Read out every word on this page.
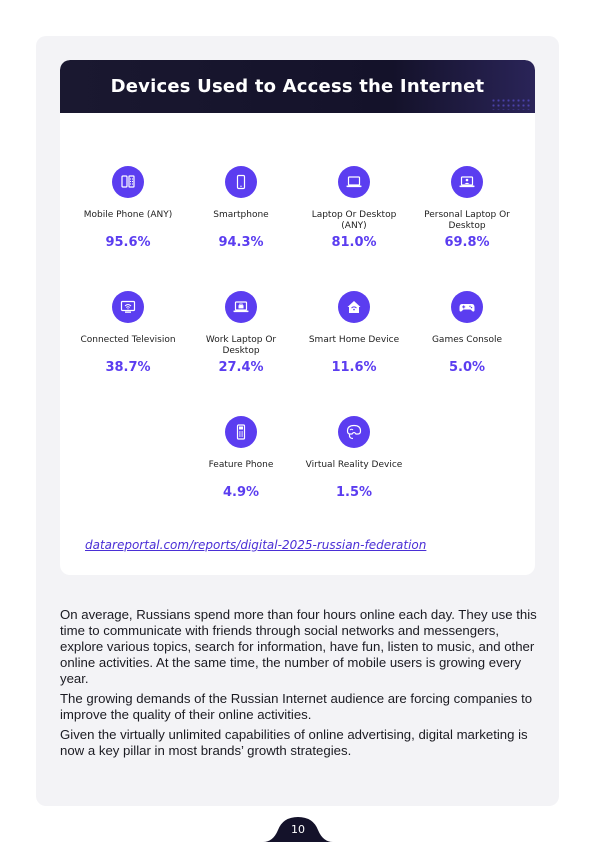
Devices Used to Access the Internet
Mobile Phone (ANY)
95.6%
Smartphone
94.3%
Laptop Or Desktop (ANY)
81.0%
Personal Laptop Or Desktop
69.8%
Connected Television
38.7%
Work Laptop Or Desktop
27.4%
Smart Home Device
11.6%
Games Console
5.0%
Feature Phone
4.9%
Virtual Reality Device
1.5%
datareportal.com/reports/digital-2025-russian-federation

On average, Russians spend more than four hours online each day. They use this time to communicate with friends through social networks and messengers, explore various topics, search for information, have fun, listen to music, and other online activities. At the same time, the number of mobile users is growing every year.

The growing demands of the Russian Internet audience are forcing companies to improve the quality of their online activities.

Given the virtually unlimited capabilities of online advertising, digital marketing is now a key pillar in most brands’ growth strategies.

10
